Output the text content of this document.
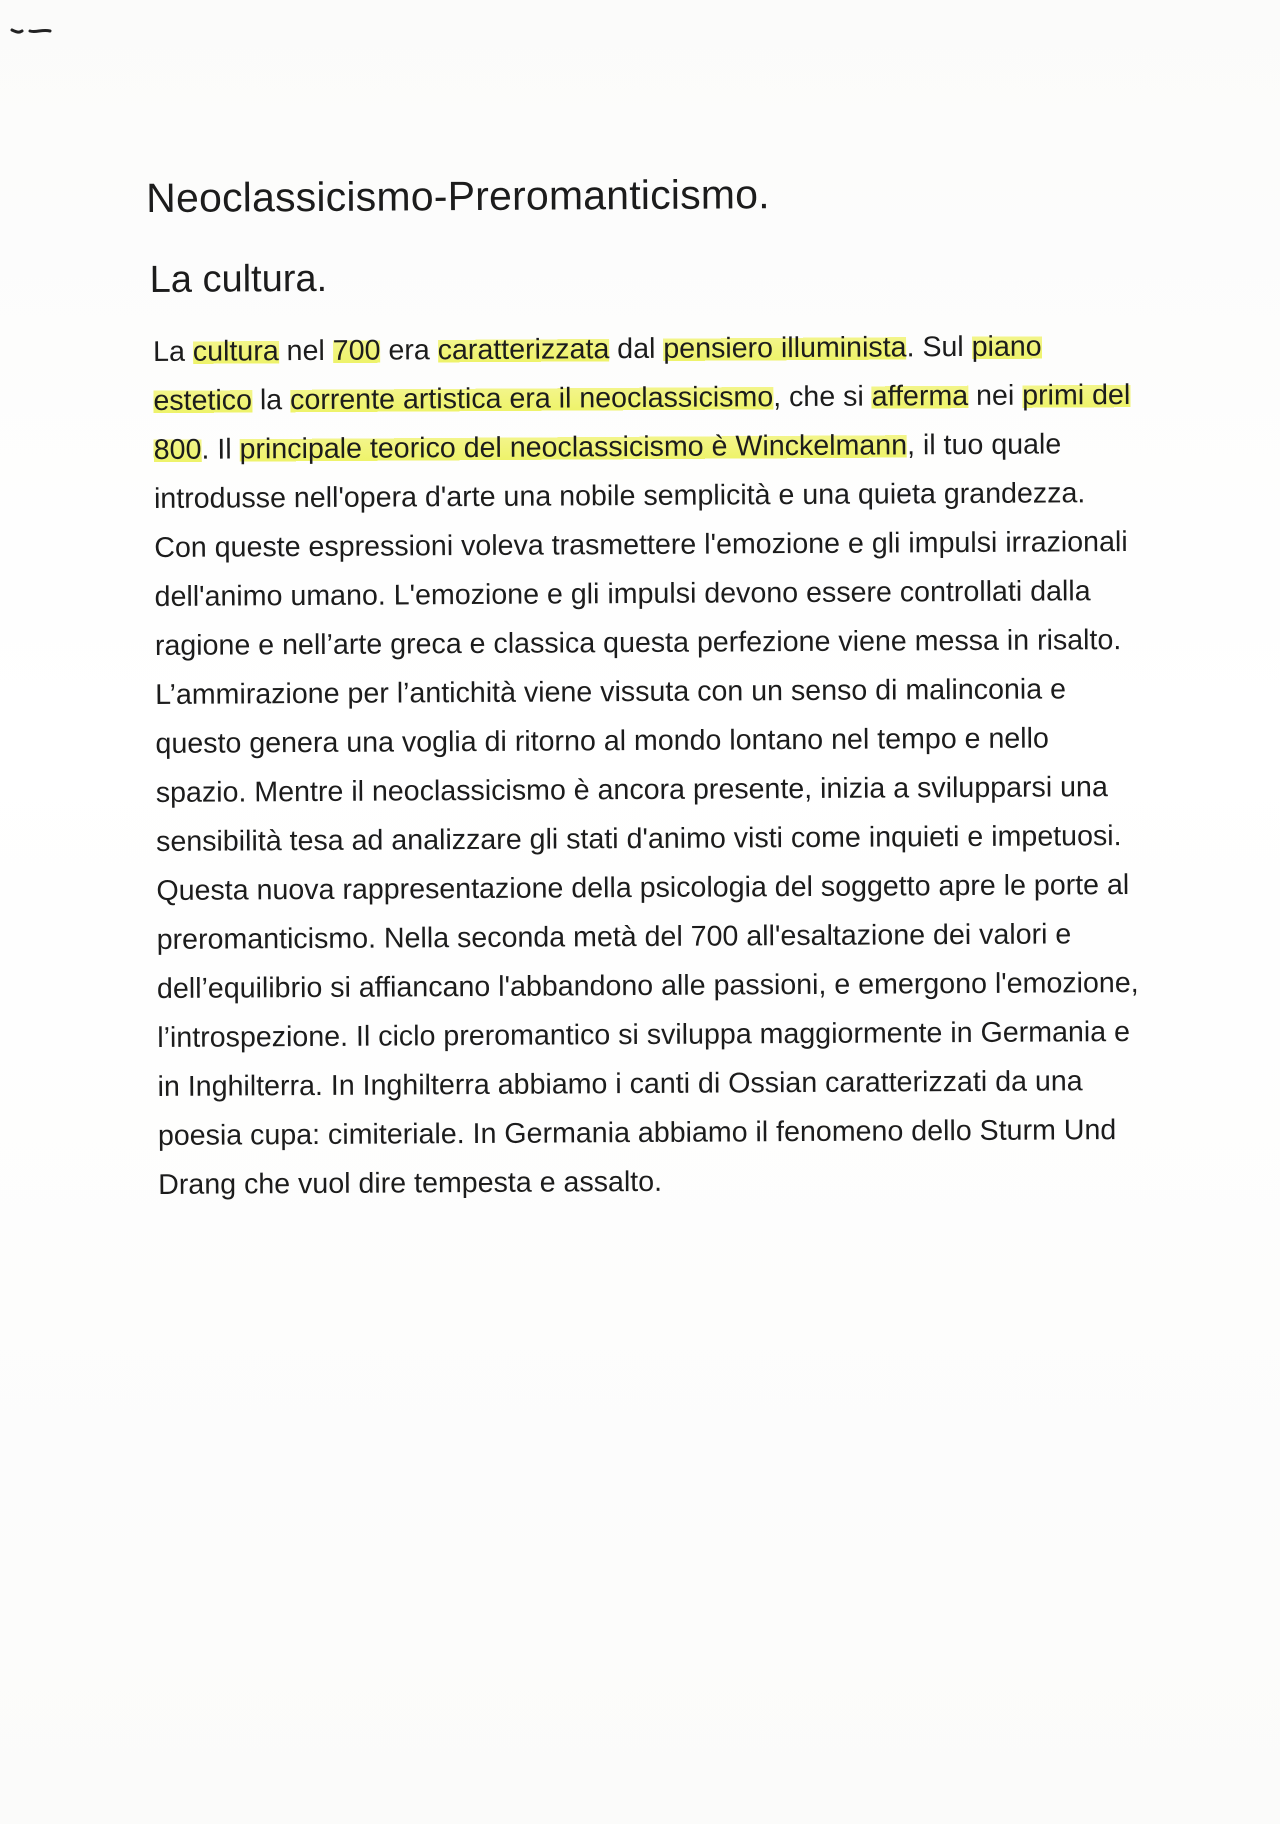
Neoclassicismo-Preromanticismo.
La cultura.

La cultura nel 700 era caratterizzata dal pensiero illuminista. Sul piano estetico la corrente artistica era il neoclassicismo, che si afferma nei primi del 800. Il principale teorico del neoclassicismo è Winckelmann, il tuo quale introdusse nell'opera d'arte una nobile semplicità e una quieta grandezza. Con queste espressioni voleva trasmettere l'emozione e gli impulsi irrazionali dell'animo umano. L'emozione e gli impulsi devono essere controllati dalla ragione e nell’arte greca e classica questa perfezione viene messa in risalto. L’ammirazione per l’antichità viene vissuta con un senso di malinconia e questo genera una voglia di ritorno al mondo lontano nel tempo e nello spazio. Mentre il neoclassicismo è ancora presente, inizia a svilupparsi una sensibilità tesa ad analizzare gli stati d'animo visti come inquieti e impetuosi. Questa nuova rappresentazione della psicologia del soggetto apre le porte al preromanticismo. Nella seconda metà del 700 all'esaltazione dei valori e dell’equilibrio si affiancano l'abbandono alle passioni, e emergono l'emozione, l’introspezione. Il ciclo preromantico si sviluppa maggiormente in Germania e in Inghilterra. In Inghilterra abbiamo i canti di Ossian caratterizzati da una poesia cupa: cimiteriale. In Germania abbiamo il fenomeno dello Sturm Und Drang che vuol dire tempesta e assalto.
